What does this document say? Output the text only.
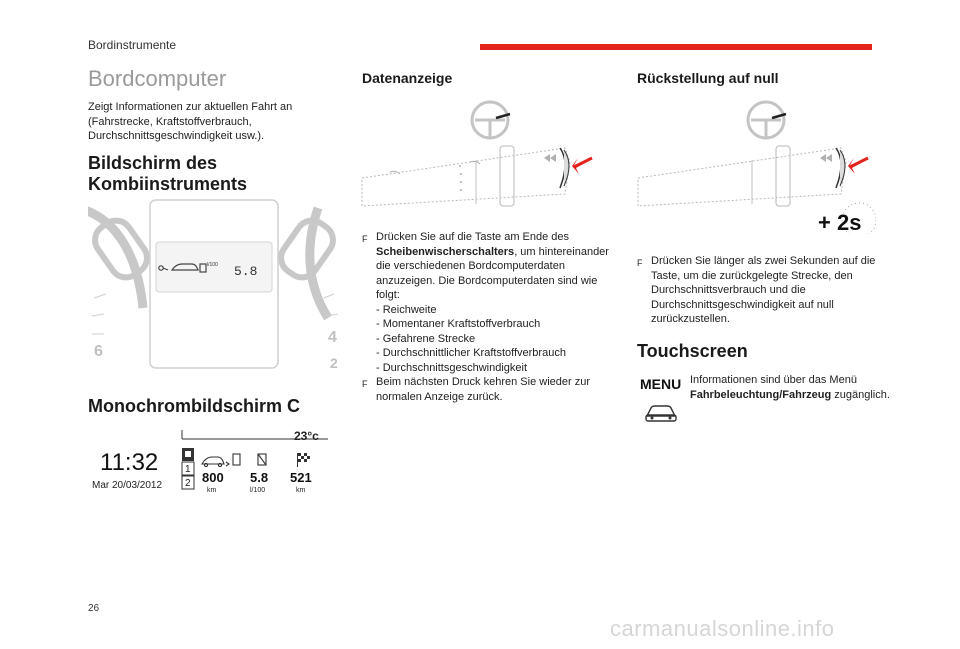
Bordinstrumente
Bordcomputer
Zeigt Informationen zur aktuellen Fahrt an (Fahrstrecke, Kraftstoffverbrauch, Durchschnittsgeschwindigkeit usw.).
Bildschirm des Kombiinstruments
l/100 5.8
6
4
2
Monochrombildschirm C
23°c
11:32
Mar 20/03/2012
1
2 800
km
5.8
l/100
521
km
Datenanzeige
F Drücken Sie auf die Taste am Ende des Scheibenwischerschalters, um hintereinander die verschiedenen Bordcomputerdaten anzuzeigen. Die Bordcomputerdaten sind wie folgt:
- Reichweite
- Momentaner Kraftstoffverbrauch
- Gefahrene Strecke
- Durchschnittlicher Kraftstoffverbrauch
- Durchschnittsgeschwindigkeit
F Beim nächsten Druck kehren Sie wieder zur normalen Anzeige zurück.
Rückstellung auf null
+ 2s
F Drücken Sie länger als zwei Sekunden auf die Taste, um die zurückgelegte Strecke, den Durchschnittsverbrauch und die Durchschnittsgeschwindigkeit auf null zurückzustellen.
Touchscreen
MENU Informationen sind über das Menü Fahrbeleuchtung/Fahrzeug zugänglich.
26
carmanualsonline.info
